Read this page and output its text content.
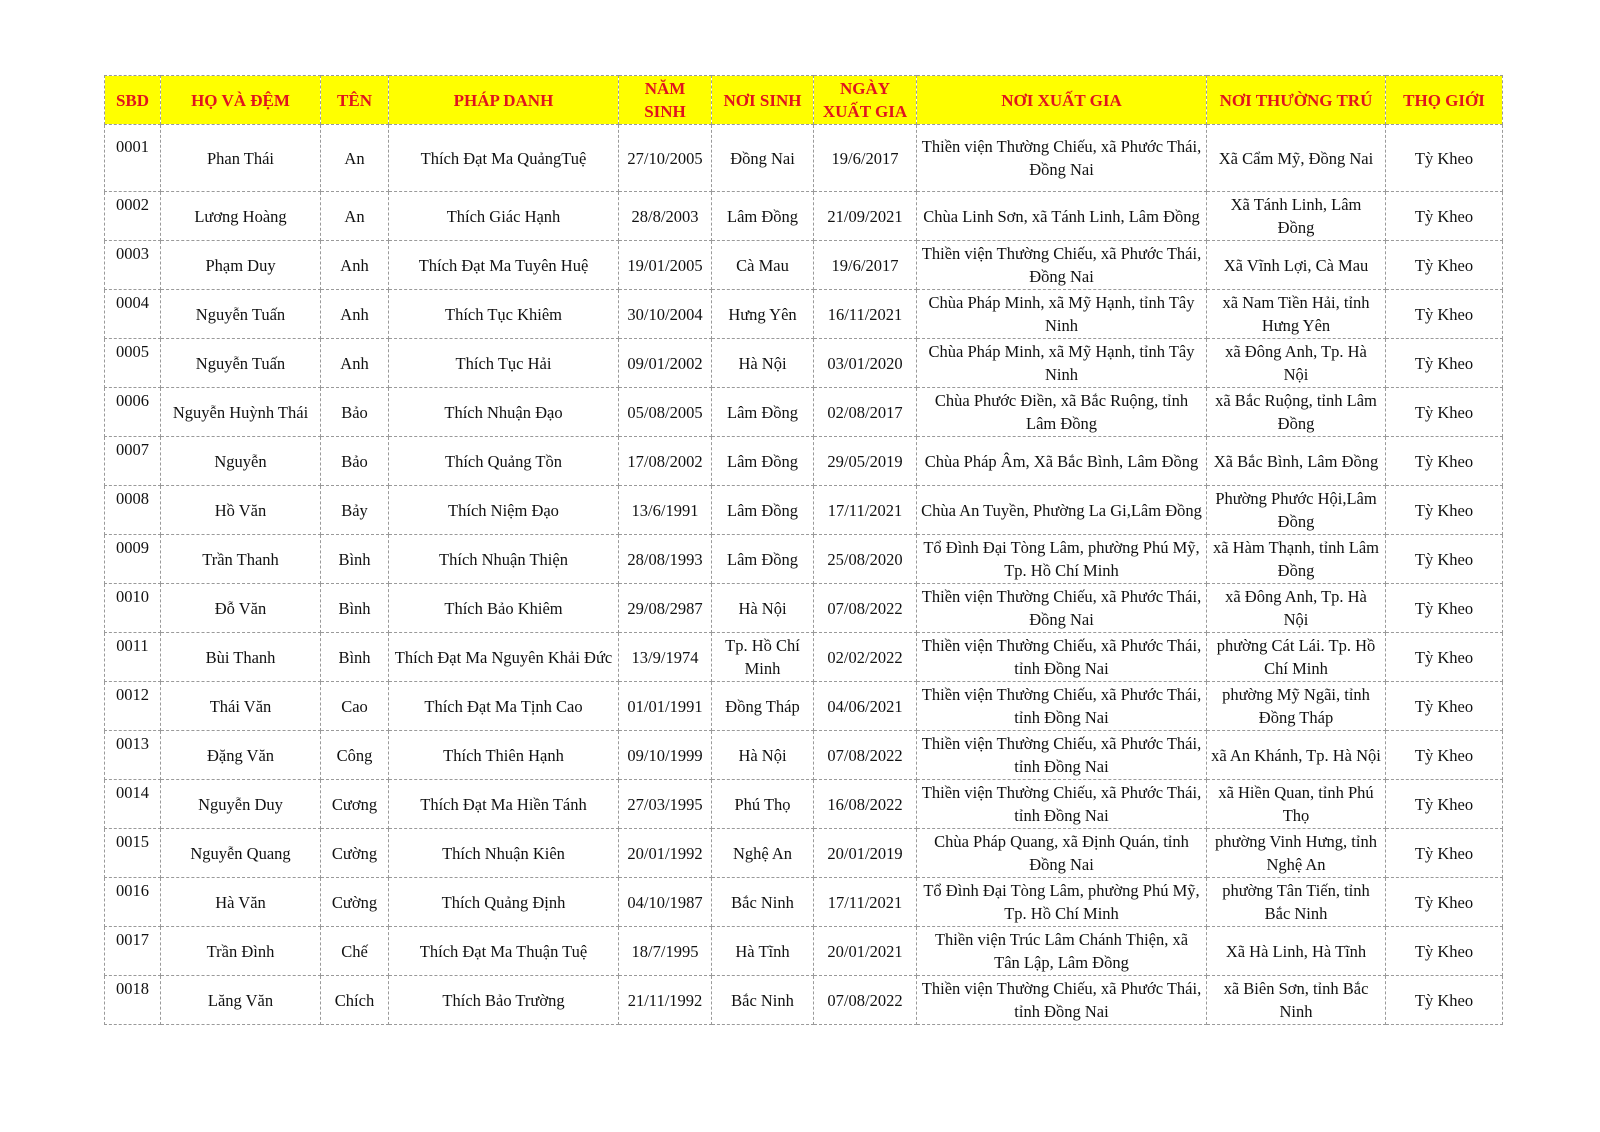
SBD	HỌ VÀ ĐỆM	TÊN	PHÁP DANH	NĂM SINH	NƠI SINH	NGÀY XUẤT GIA	NƠI XUẤT GIA	NƠI THƯỜNG TRÚ	THỌ GIỚI
0001	Phan Thái	An	Thích Đạt Ma QuảngTuệ	27/10/2005	Đồng Nai	19/6/2017	Thiền viện Thường Chiếu, xã Phước Thái, Đồng Nai	Xã Cẩm Mỹ, Đồng Nai	Tỳ Kheo
0002	Lương Hoàng	An	Thích Giác Hạnh	28/8/2003	Lâm Đồng	21/09/2021	Chùa Linh Sơn, xã Tánh Linh, Lâm Đồng	Xã Tánh Linh, Lâm Đồng	Tỳ Kheo
0003	Phạm Duy	Anh	Thích Đạt Ma Tuyên Huệ	19/01/2005	Cà Mau	19/6/2017	Thiền viện Thường Chiếu, xã Phước Thái, Đồng Nai	Xã Vĩnh Lợi, Cà Mau	Tỳ Kheo
0004	Nguyễn Tuấn	Anh	Thích Tục Khiêm	30/10/2004	Hưng Yên	16/11/2021	Chùa Pháp Minh, xã Mỹ Hạnh, tỉnh Tây Ninh	xã Nam Tiền Hải, tỉnh Hưng Yên	Tỳ Kheo
0005	Nguyễn Tuấn	Anh	Thích Tục Hải	09/01/2002	Hà Nội	03/01/2020	Chùa Pháp Minh, xã Mỹ Hạnh, tỉnh Tây Ninh	xã Đông Anh, Tp. Hà Nội	Tỳ Kheo
0006	Nguyễn Huỳnh Thái	Bảo	Thích Nhuận Đạo	05/08/2005	Lâm Đồng	02/08/2017	Chùa Phước Điền, xã Bắc Ruộng, tỉnh Lâm Đồng	xã Bắc Ruộng, tỉnh Lâm Đồng	Tỳ Kheo
0007	Nguyễn	Bảo	Thích Quảng Tồn	17/08/2002	Lâm Đồng	29/05/2019	Chùa Pháp Âm, Xã Bắc Bình, Lâm Đồng	Xã Bắc Bình, Lâm Đồng	Tỳ Kheo
0008	Hồ Văn	Bảy	Thích Niệm Đạo	13/6/1991	Lâm Đồng	17/11/2021	Chùa An Tuyền, Phường La Gi,Lâm Đồng	Phường Phước Hội,Lâm Đồng	Tỳ Kheo
0009	Trần Thanh	Bình	Thích Nhuận Thiện	28/08/1993	Lâm Đồng	25/08/2020	Tổ Đình Đại Tòng Lâm, phường Phú Mỹ, Tp. Hồ Chí Minh	xã Hàm Thạnh, tỉnh Lâm Đồng	Tỳ Kheo
0010	Đỗ Văn	Bình	Thích Bảo Khiêm	29/08/2987	Hà Nội	07/08/2022	Thiền viện Thường Chiếu, xã Phước Thái, Đồng Nai	xã Đông Anh, Tp. Hà Nội	Tỳ Kheo
0011	Bùi Thanh	Bình	Thích Đạt Ma Nguyên Khải Đức	13/9/1974	Tp. Hồ Chí Minh	02/02/2022	Thiền viện Thường Chiếu, xã Phước Thái, tỉnh Đồng Nai	phường Cát Lái. Tp. Hồ Chí Minh	Tỳ Kheo
0012	Thái Văn	Cao	Thích Đạt Ma Tịnh Cao	01/01/1991	Đồng Tháp	04/06/2021	Thiền viện Thường Chiếu, xã Phước Thái, tỉnh Đồng Nai	phường Mỹ Ngãi, tỉnh Đồng Tháp	Tỳ Kheo
0013	Đặng Văn	Công	Thích Thiên Hạnh	09/10/1999	Hà Nội	07/08/2022	Thiền viện Thường Chiếu, xã Phước Thái, tỉnh Đồng Nai	xã An Khánh, Tp. Hà Nội	Tỳ Kheo
0014	Nguyễn Duy	Cương	Thích Đạt Ma Hiền Tánh	27/03/1995	Phú Thọ	16/08/2022	Thiền viện Thường Chiếu, xã Phước Thái, tỉnh Đồng Nai	xã Hiền Quan, tỉnh Phú Thọ	Tỳ Kheo
0015	Nguyễn Quang	Cường	Thích Nhuận Kiên	20/01/1992	Nghệ An	20/01/2019	Chùa Pháp Quang, xã Định Quán, tỉnh Đồng Nai	phường Vinh Hưng, tỉnh Nghệ An	Tỳ Kheo
0016	Hà Văn	Cường	Thích Quảng Định	04/10/1987	Bắc Ninh	17/11/2021	Tổ Đình Đại Tòng Lâm, phường Phú Mỹ, Tp. Hồ Chí Minh	phường Tân Tiến, tỉnh Bắc Ninh	Tỳ Kheo
0017	Trần Đình	Chế	Thích Đạt Ma Thuận Tuệ	18/7/1995	Hà Tĩnh	20/01/2021	Thiền viện Trúc Lâm Chánh Thiện, xã Tân Lập, Lâm Đồng	Xã Hà Linh, Hà Tĩnh	Tỳ Kheo
0018	Lăng Văn	Chích	Thích Bảo Trường	21/11/1992	Bắc Ninh	07/08/2022	Thiền viện Thường Chiếu, xã Phước Thái, tỉnh Đồng Nai	xã Biên Sơn, tỉnh Bắc Ninh	Tỳ Kheo
